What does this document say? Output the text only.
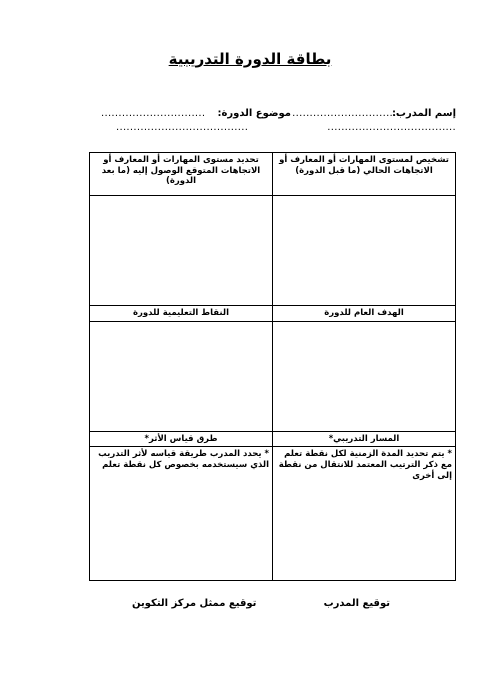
بطاقة الدورة التدريبية
إسم المدرب:
...............................
.....................................
موضوع الدورة:
..............................
......................................
تشخيص لمستوى المهارات أو المعارف أو الاتجاهات الحالي (ما قبل الدورة)	تحديد مستوى المهارات أو المعارف أو الاتجاهات المتوقع الوصول إليه (ما بعد الدورة)

الهدف العام للدورة	النقاط التعليمية للدورة

المسار التدريبي*	طرق قياس الأثر*

* يتم تحديد المدة الزمنية لكل نقطة تعلم مع ذكر الترتيب المعتمد للانتقال من نقطة إلى أخرى	* يحدد المدرب طريقة قياسه لأثر التدريب الذي سيستخدمه بخصوص كل نقطة تعلم
توقيع المدرب
توقيع ممثل مركز التكوين
